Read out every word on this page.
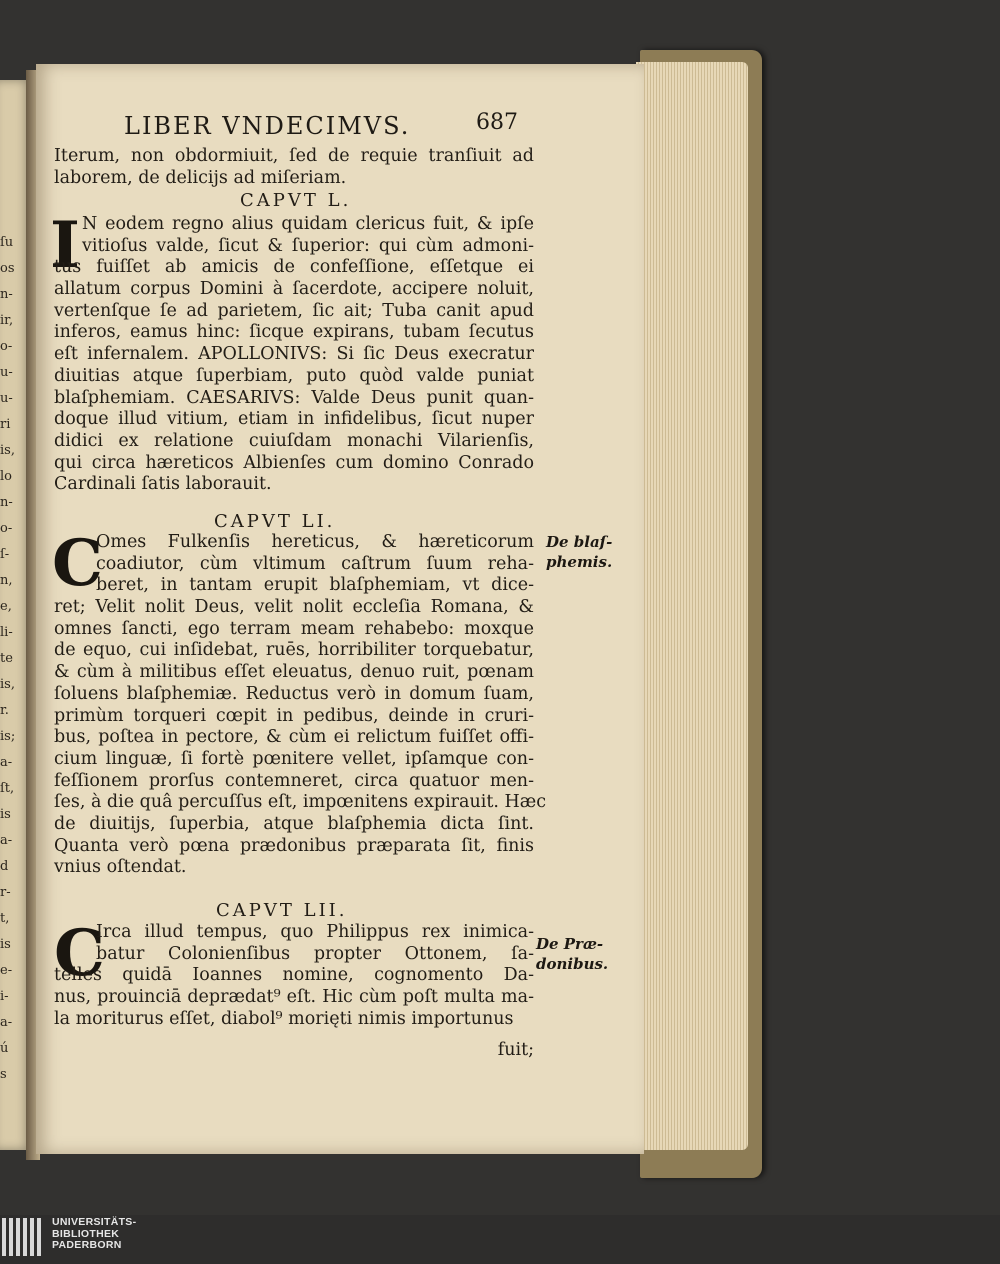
ſu
os
n-
ir,
o-
u-
u-
ri
is,
lo
n-
o-
ſ-
n,
e,
li-
te
is,
r.
is;
a-
ſt,
is
a-
d
r-
t,
is
e-
i-
a-
ú
s
LIBER VNDECIMVS.	687
Iterum, non obdormiuit, ſed de requie tranſiuit ad
laborem, de delicijs ad miſeriam.
CAPVT L.
I N eodem regno alius quidam clericus fuit, & ipſe
vitioſus valde, ſicut & ſuperior: qui cùm admoni-
tus fuiſſet ab amicis de confeſſione, eſſetque ei
allatum corpus Domini à ſacerdote, accipere noluit,
vertenſque ſe ad parietem, ſic ait; Tuba canit apud
inferos, eamus hinc: ſicque expirans, tubam ſecutus
eſt infernalem. APOLLONIVS: Si ſic Deus execratur
diuitias atque ſuperbiam, puto quòd valde puniat
blaſphemiam. CAESARIVS: Valde Deus punit quan-
doque illud vitium, etiam in infidelibus, ſicut nuper
didici ex relatione cuiuſdam monachi Vilarienſis,
qui circa hæreticos Albienſes cum domino Conrado
Cardinali ſatis laborauit.
CAPVT LI.
C
Omes Fulkenſis hereticus, & hæreticorum
coadiutor, cùm vltimum caſtrum ſuum reha-
beret, in tantam erupit blaſphemiam, vt dice-
ret; Velit nolit Deus, velit nolit eccleſia Romana, &
omnes ſancti, ego terram meam rehabebo: moxque
de equo, cui inſidebat, ruēs, horribiliter torquebatur,
& cùm à militibus eſſet eleuatus, denuo ruit, pœnam
ſoluens blaſphemiæ. Reductus verò in domum ſuam,
primùm torqueri cœpit in pedibus, deinde in cruri-
bus, poſtea in pectore, & cùm ei relictum fuiſſet offi-
cium linguæ, ſi fortè pœnitere vellet, ipſamque con-
feſſionem prorſus contemneret, circa quatuor men-
ſes, à die quâ percuſſus eſt, impœnitens expirauit. Hæc
de diuitijs, ſuperbia, atque blaſphemia dicta ſint.
Quanta verò pœna prædonibus præparata ſit, finis
vnius oſtendat.
De blaſ-
phemis.
CAPVT LII.
C
Irca illud tempus, quo Philippus rex inimica-
batur Colonienſibus propter Ottonem, ſa-
telles quidā Ioannes nomine, cognomento Da-
nus, prouinciā deprædat⁹ eſt. Hic cùm poſt multa ma-
la moriturus eſſet, diabol⁹ morięti nimis importunus
De Præ-
donibus.
fuit;
UNIVERSITÄTS-
BIBLIOTHEK
PADERBORN
